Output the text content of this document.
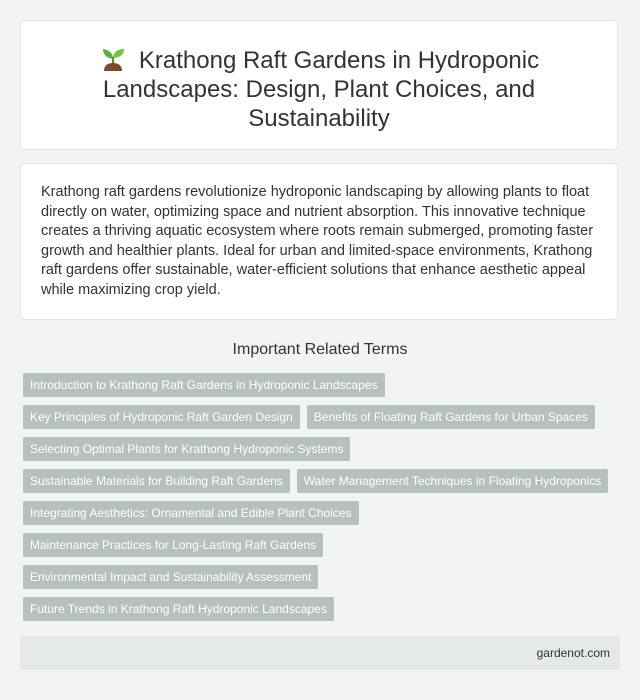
Krathong Raft Gardens in Hydroponic Landscapes: Design, Plant Choices, and Sustainability

Krathong raft gardens revolutionize hydroponic landscaping by allowing plants to float directly on water, optimizing space and nutrient absorption. This innovative technique creates a thriving aquatic ecosystem where roots remain submerged, promoting faster growth and healthier plants. Ideal for urban and limited-space environments, Krathong raft gardens offer sustainable, water-efficient solutions that enhance aesthetic appeal while maximizing crop yield.

Important Related Terms
Introduction to Krathong Raft Gardens in Hydroponic Landscapes
Key Principles of Hydroponic Raft Garden Design	Benefits of Floating Raft Gardens for Urban Spaces
Selecting Optimal Plants for Krathong Hydroponic Systems
Sustainable Materials for Building Raft Gardens	Water Management Techniques in Floating Hydroponics
Integrating Aesthetics: Ornamental and Edible Plant Choices
Maintenance Practices for Long-Lasting Raft Gardens
Environmental Impact and Sustainability Assessment
Future Trends in Krathong Raft Hydroponic Landscapes
gardenot.com
